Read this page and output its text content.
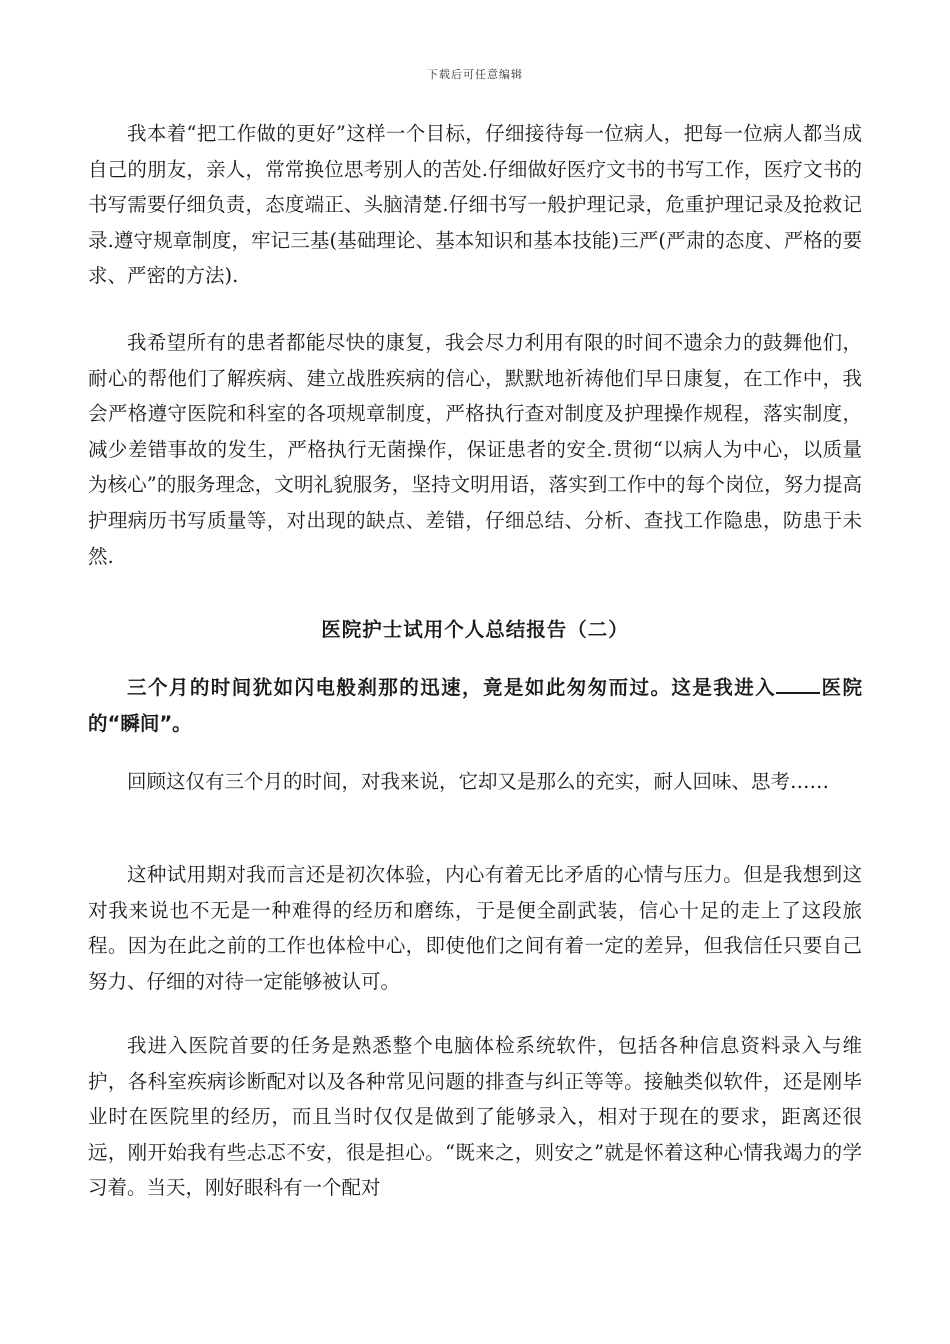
下载后可任意编辑

我本着“把工作做的更好”这样一个目标，仔细接待每一位病人，把每一位病人都当成自己的朋友，亲人，常常换位思考别人的苦处.仔细做好医疗文书的书写工作，医疗文书的书写需要仔细负责，态度端正、头脑清楚.仔细书写一般护理记录，危重护理记录及抢救记录.遵守规章制度，牢记三基(基础理论、基本知识和基本技能)三严(严肃的态度、严格的要求、严密的方法).

我希望所有的患者都能尽快的康复，我会尽力利用有限的时间不遗余力的鼓舞他们，耐心的帮他们了解疾病、建立战胜疾病的信心，默默地祈祷他们早日康复，在工作中，我会严格遵守医院和科室的各项规章制度，严格执行查对制度及护理操作规程，落实制度，减少差错事故的发生，严格执行无菌操作，保证患者的安全.贯彻“以病人为中心，以质量为核心”的服务理念，文明礼貌服务，坚持文明用语，落实到工作中的每个岗位，努力提高护理病历书写质量等，对出现的缺点、差错，仔细总结、分析、查找工作隐患，防患于未然.

医院护士试用个人总结报告（二）

三个月的时间犹如闪电般刹那的迅速，竟是如此匆匆而过。这是我进入 医院的“瞬间”。

回顾这仅有三个月的时间，对我来说，它却又是那么的充实，耐人回味、思考……

这种试用期对我而言还是初次体验，内心有着无比矛盾的心情与压力。但是我想到这对我来说也不无是一种难得的经历和磨练，于是便全副武装，信心十足的走上了这段旅程。因为在此之前的工作也体检中心，即使他们之间有着一定的差异，但我信任只要自己努力、仔细的对待一定能够被认可。

我进入医院首要的任务是熟悉整个电脑体检系统软件，包括各种信息资料录入与维护，各科室疾病诊断配对以及各种常见问题的排查与纠正等等。接触类似软件，还是刚毕业时在医院里的经历，而且当时仅仅是做到了能够录入，相对于现在的要求，距离还很远，刚开始我有些忐忑不安，很是担心。“既来之，则安之”就是怀着这种心情我竭力的学习着。当天，刚好眼科有一个配对
